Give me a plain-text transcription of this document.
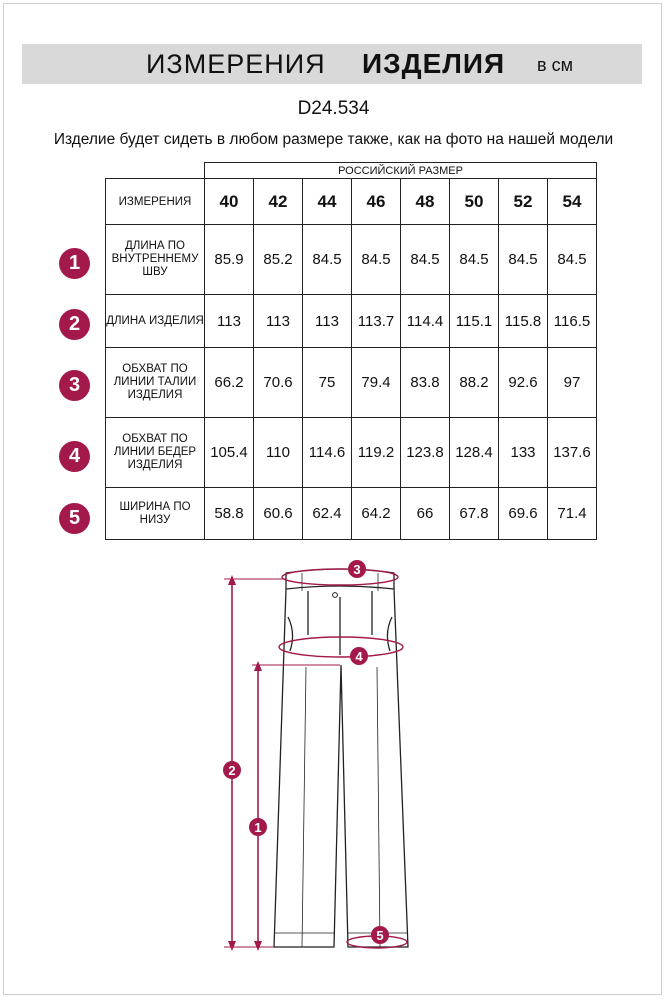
ИЗМЕРЕНИЯ ИЗДЕЛИЯ в см
D24.534
Изделие будет сидеть в любом размере также, как на фото на нашей модели
	РОССИЙСКИЙ РАЗМЕР							
ИЗМЕРЕНИЯ	40	42	44	46	48	50	52	54
ДЛИНА ПО ВНУТРЕННЕМУ ШВУ	85.9	85.2	84.5	84.5	84.5	84.5	84.5	84.5
ДЛИНА ИЗДЕЛИЯ	113	113	113	113.7	114.4	115.1	115.8	116.5
ОБХВАТ ПО ЛИНИИ ТАЛИИ ИЗДЕЛИЯ	66.2	70.6	75	79.4	83.8	88.2	92.6	97
ОБХВАТ ПО ЛИНИИ БЕДЕР ИЗДЕЛИЯ	105.4	110	114.6	119.2	123.8	128.4	133	137.6
ШИРИНА ПО НИЗУ	58.8	60.6	62.4	64.2	66	67.8	69.6	71.4
1
2
3
4
5
1
2
3
4
5
